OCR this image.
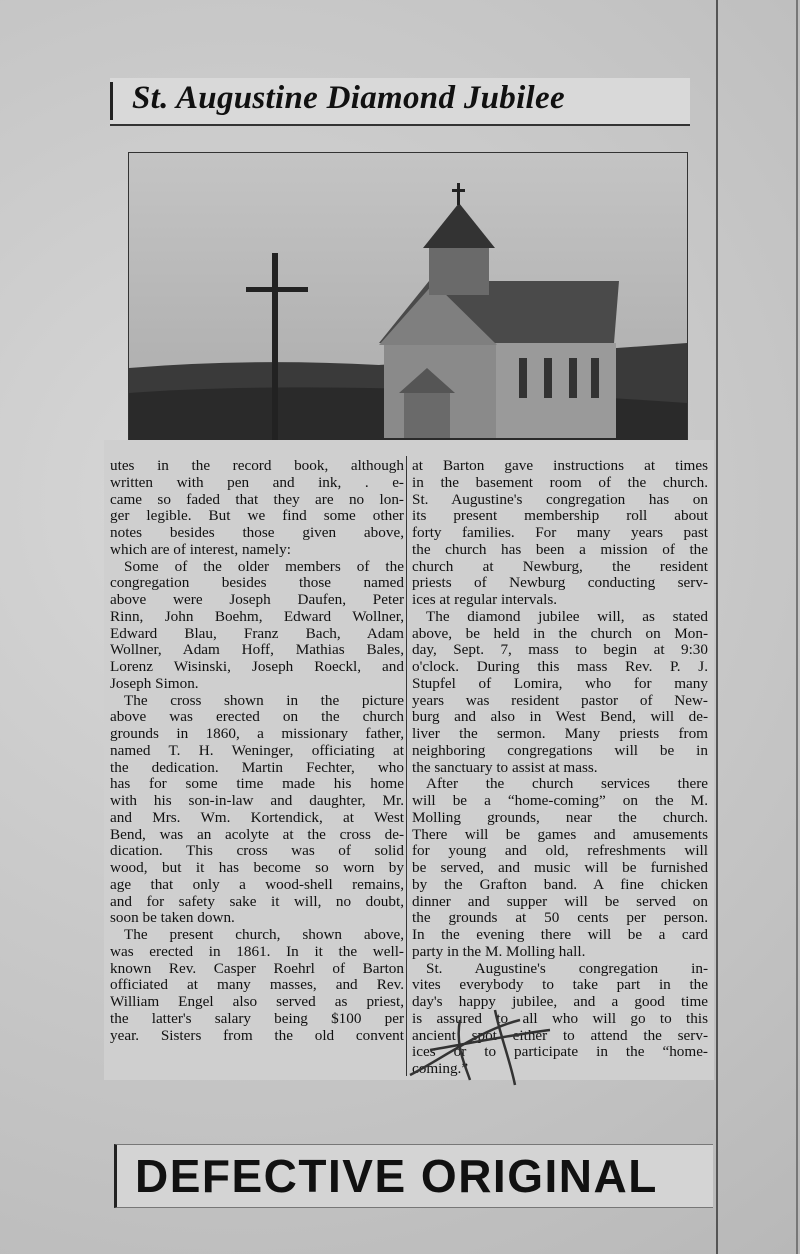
St. Augustine Diamond Jubilee
utes in the record book, although
written with pen and ink, . e-
came so faded that they are no lon-
ger legible. But we find some other
notes besides those given above,
which are of interest, namely:
Some of the older members of the
congregation besides those named
above were Joseph Daufen, Peter
Rinn, John Boehm, Edward Wollner,
Edward Blau, Franz Bach, Adam
Wollner, Adam Hoff, Mathias Bales,
Lorenz Wisinski, Joseph Roeckl, and
Joseph Simon.
The cross shown in the picture
above was erected on the church
grounds in 1860, a missionary father,
named T. H. Weninger, officiating at
the dedication. Martin Fechter, who
has for some time made his home
with his son-in-law and daughter, Mr.
and Mrs. Wm. Kortendick, at West
Bend, was an acolyte at the cross de-
dication. This cross was of solid
wood, but it has become so worn by
age that only a wood-shell remains,
and for safety sake it will, no doubt,
soon be taken down.
The present church, shown above,
was erected in 1861. In it the well-
known Rev. Casper Roehrl of Barton
officiated at many masses, and Rev.
William Engel also served as priest,
the latter's salary being $100 per
year. Sisters from the old convent
at Barton gave instructions at times
in the basement room of the church.
St. Augustine's congregation has on
its present membership roll about
forty families. For many years past
the church has been a mission of the
church at Newburg, the resident
priests of Newburg conducting serv-
ices at regular intervals.
The diamond jubilee will, as stated
above, be held in the church on Mon-
day, Sept. 7, mass to begin at 9:30
o'clock. During this mass Rev. P. J.
Stupfel of Lomira, who for many
years was resident pastor of New-
burg and also in West Bend, will de-
liver the sermon. Many priests from
neighboring congregations will be in
the sanctuary to assist at mass.
After the church services there
will be a “home-coming” on the M.
Molling grounds, near the church.
There will be games and amusements
for young and old, refreshments will
be served, and music will be furnished
by the Grafton band. A fine chicken
dinner and supper will be served on
the grounds at 50 cents per person.
In the evening there will be a card
party in the M. Molling hall.
St. Augustine's congregation in-
vites everybody to take part in the
day's happy jubilee, and a good time
is assured to all who will go to this
ancient spot either to attend the serv-
ices or to participate in the “home-
coming.”
DEFECTIVE ORIGINAL
